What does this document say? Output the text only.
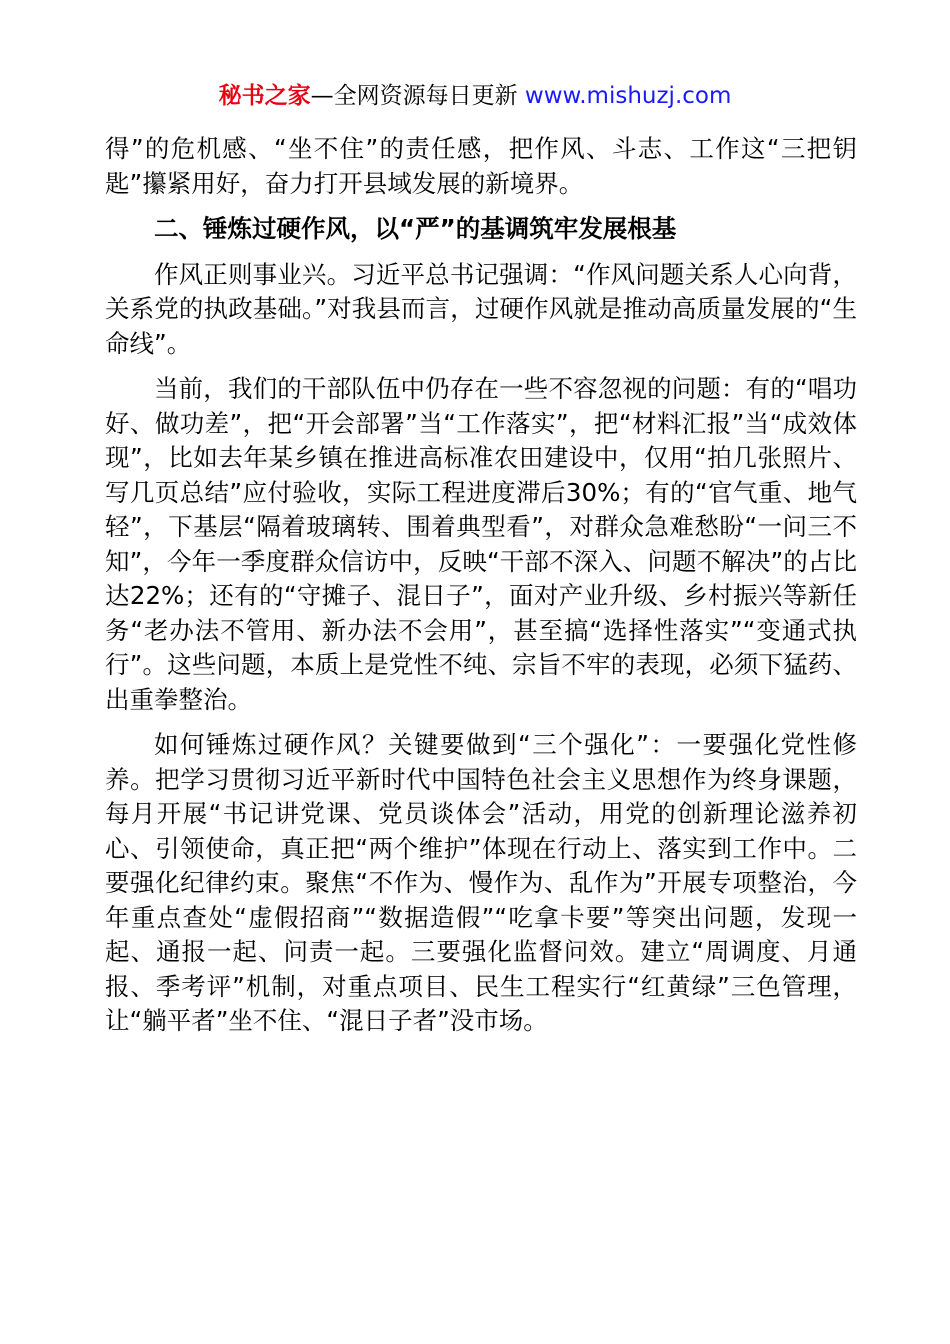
秘书之家—全网资源每日更新 www.mishuzj.com

得”的危机感、“坐不住”的责任感，把作风、斗志、工作这“三把钥匙”攥紧用好，奋力打开县域发展的新境界。

二、锤炼过硬作风，以“严”的基调筑牢发展根基

作风正则事业兴。习近平总书记强调：“作风问题关系人心向背，关系党的执政基础。”对我县而言，过硬作风就是推动高质量发展的“生命线”。

当前，我们的干部队伍中仍存在一些不容忽视的问题：有的“唱功好、做功差”，把“开会部署”当“工作落实”，把“材料汇报”当“成效体现”，比如去年某乡镇在推进高标准农田建设中，仅用“拍几张照片、写几页总结”应付验收，实际工程进度滞后30%；有的“官气重、地气轻”，下基层“隔着玻璃转、围着典型看”，对群众急难愁盼“一问三不知”，今年一季度群众信访中，反映“干部不深入、问题不解决”的占比达22%；还有的“守摊子、混日子”，面对产业升级、乡村振兴等新任务“老办法不管用、新办法不会用”，甚至搞“选择性落实”“变通式执行”。这些问题，本质上是党性不纯、宗旨不牢的表现，必须下猛药、出重拳整治。

如何锤炼过硬作风？关键要做到“三个强化”：一要强化党性修养。把学习贯彻习近平新时代中国特色社会主义思想作为终身课题，每月开展“书记讲党课、党员谈体会”活动，用党的创新理论滋养初心、引领使命，真正把“两个维护”体现在行动上、落实到工作中。二要强化纪律约束。聚焦“不作为、慢作为、乱作为”开展专项整治，今年重点查处“虚假招商”“数据造假”“吃拿卡要”等突出问题，发现一起、通报一起、问责一起。三要强化监督问效。建立“周调度、月通报、季考评”机制，对重点项目、民生工程实行“红黄绿”三色管理，让“躺平者”坐不住、“混日子者”没市场。
